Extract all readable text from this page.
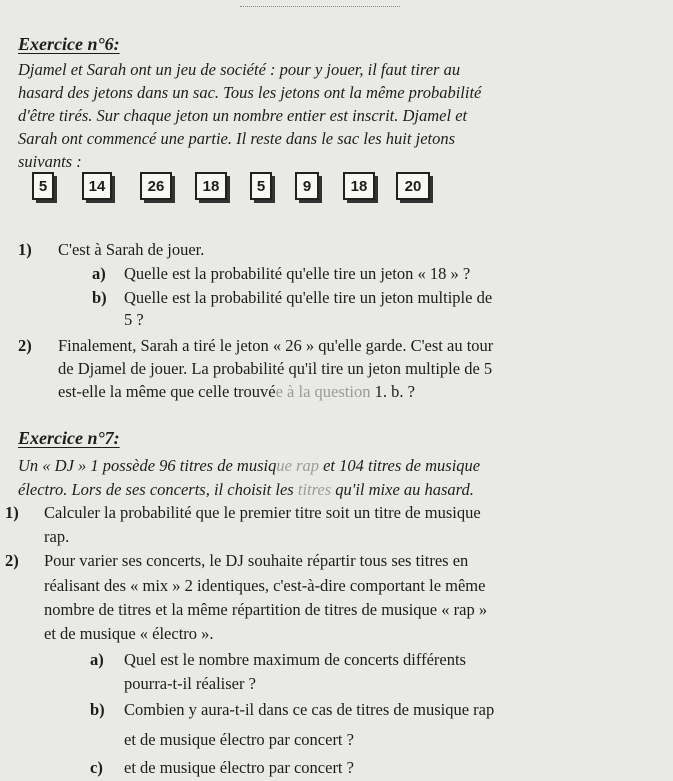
Exercice n°6:
Djamel et Sarah ont un jeu de société : pour y jouer, il faut tirer au
hasard des jetons dans un sac. Tous les jetons ont la même probabilité
d'être tirés. Sur chaque jeton un nombre entier est inscrit. Djamel et
Sarah ont commencé une partie. Il reste dans le sac les huit jetons
suivants :
5	14	26	18	5	9	18	20
1) C'est à Sarah de jouer.
a) Quelle est la probabilité qu'elle tire un jeton « 18 » ?
b) Quelle est la probabilité qu'elle tire un jeton multiple de
5 ?
2) Finalement, Sarah a tiré le jeton « 26 » qu'elle garde. C'est au tour
de Djamel de jouer. La probabilité qu'il tire un jeton multiple de 5
est-elle la même que celle trouvée à la question 1. b. ?
Exercice n°7:
Un « DJ » 1 possède 96 titres de musique rap et 104 titres de musique
électro. Lors de ses concerts, il choisit les titres qu'il mixe au hasard.
1) Calculer la probabilité que le premier titre soit un titre de musique
rap.
2) Pour varier ses concerts, le DJ souhaite répartir tous ses titres en
réalisant des « mix » 2 identiques, c'est-à-dire comportant le même
nombre de titres et la même répartition de titres de musique « rap »
et de musique « électro ».
a) Quel est le nombre maximum de concerts différents
pourra-t-il réaliser ?
b) Combien y aura-t-il dans ce cas de titres de musique rap
et de musique électro par concert ?
c) et de musique électro par concert ?
